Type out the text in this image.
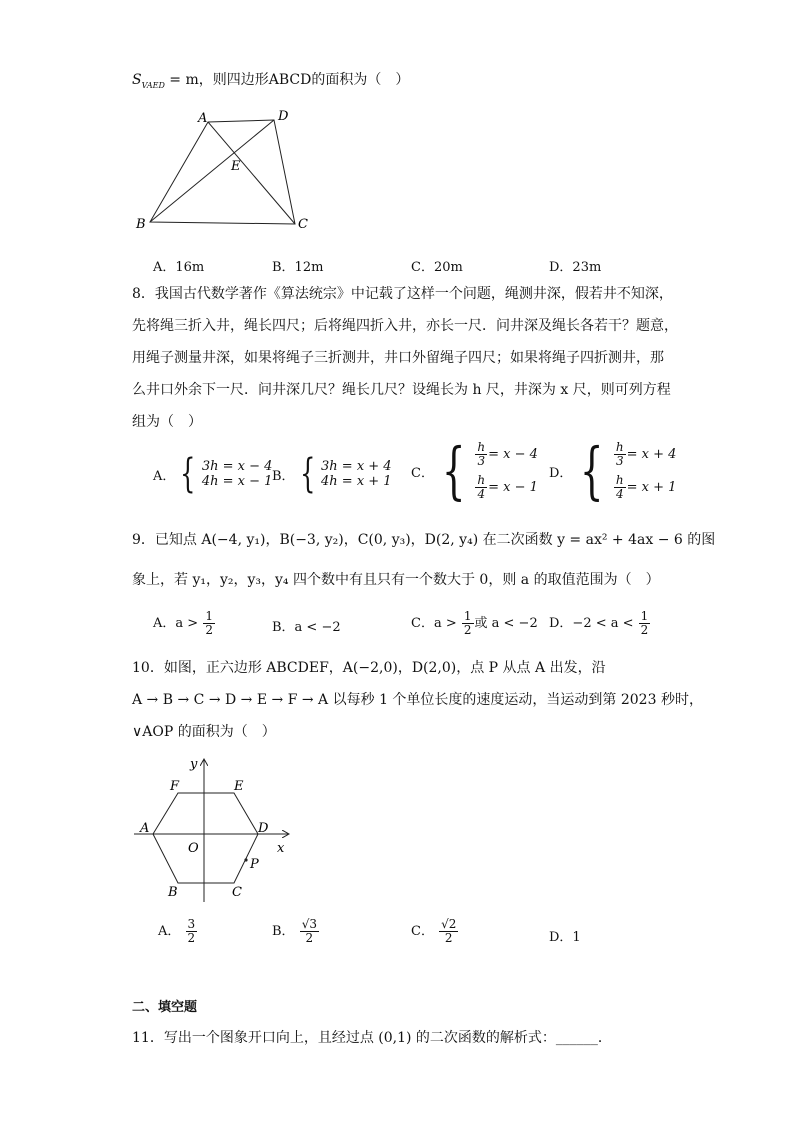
$S_{VAED} = m$，则四边形ABCD的面积为（　）
A	D
E
B	C
A．16m	B．12m	C．20m	D．23m
8．我国古代数学著作《算法统宗》中记载了这样一个问题，绳测井深，假若井不知深，
先将绳三折入井，绳长四尺；后将绳四折入井，亦长一尺．问井深及绳长各若干？题意，
用绳子测量井深，如果将绳子三折测井，井口外留绳子四尺；如果将绳子四折测井，那
么井口外余下一尺．问井深几尺？绳长几尺？设绳长为 h 尺，井深为 x 尺，则可列方程
组为（　）
A． { 3h = x − 4
4h = x − 1 B． { 3h = x + 4
4h = x + 1
C． { $\frac{h}{3} = x - 4$
$\frac{h}{4} = x - 1$
D． { $\frac{h}{3} = x + 4$
$\frac{h}{4} = x + 1$
9．已知点 A(−4, y₁)，B(−3, y₂)，C(0, y₃)，D(2, y₄) 在二次函数 y = ax² + 4ax − 6 的图
象上，若 y₁，y₂，y₃，y₄ 四个数中有且只有一个数大于 0，则 a 的取值范围为（　）
A．$a > \frac{1}{2}$	B．a < −2	C．$a > \frac{1}{2}$ 或 a < −2 D．$-2 < a < \frac{1}{2}$
10．如图，正六边形 ABCDEF，A(−2,0)，D(2,0)，点 P 从点 A 出发，沿
A → B → C → D → E → F → A 以每秒 1 个单位长度的速度运动，当运动到第 2023 秒时，
∨AOP 的面积为（　）
y
x
O
A	D
F	E
B	C
P
A． $\frac{3}{2}$	B． $\frac{√3}{2}$	C． $\frac{√2}{2}$	D．1
二、填空题
11．写出一个图象开口向上，且经过点 (0,1) 的二次函数的解析式：______．
